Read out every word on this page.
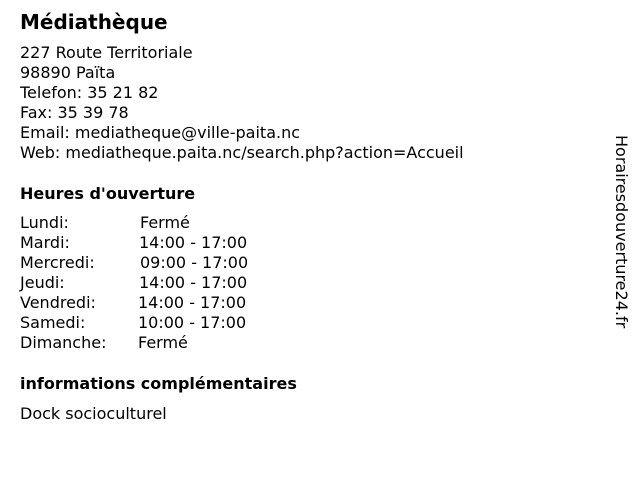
Médiathèque
227 Route Territoriale
98890 Païta
Telefon: 35 21 82
Fax: 35 39 78
Email: mediatheque@ville-paita.nc
Web: mediatheque.paita.nc/search.php?action=Accueil
Heures d'ouverture
Lundi:	Fermé
Mardi:	14:00 - 17:00
Mercredi:	09:00 - 17:00
Jeudi:	14:00 - 17:00
Vendredi:	14:00 - 17:00
Samedi:	10:00 - 17:00
Dimanche: Fermé
informations complémentaires
Dock socioculturel
Horairesdouverture24.fr
